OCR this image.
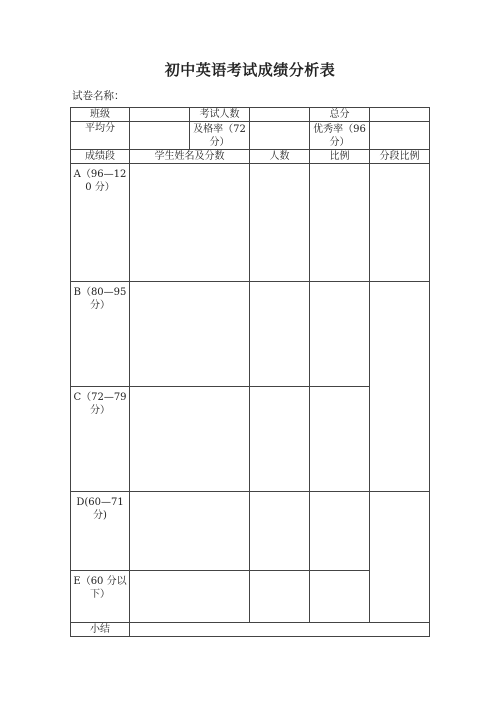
初中英语考试成绩分析表
试卷名称：
班级		考试人数		总分	
平均分		及格率（72 分）		优秀率（96 分）	
成绩段	学生姓名及分数		人数	比例	分段比例
A（96—120 分）					
B（80—95 分）					
C（72—79 分）					
D(60—71 分)					
E（60 分以下）					
小结					
